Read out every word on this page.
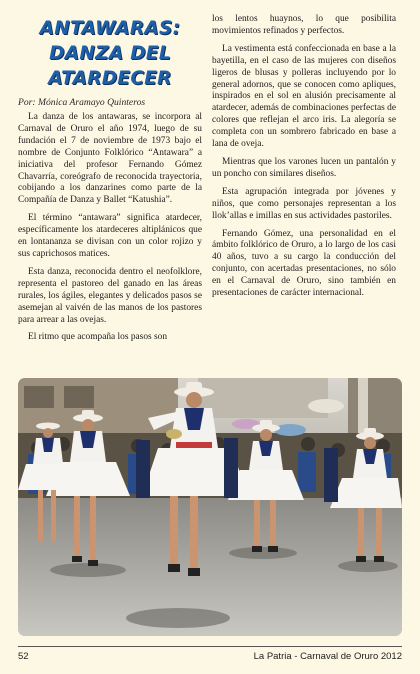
ANTAWARAS:
DANZA DEL ATARDECER
Por: Mónica Aramayo Quinteros

La danza de los antawaras, se incorpora al Carnaval de Oruro el año 1974, luego de su fundación el 7 de noviembre de 1973 bajo el nombre de Conjunto Folklórico “Antawara” a iniciativa del profesor Fernando Gómez Chavarría, coreógrafo de reconocida trayectoria, cobijando a los danzarines como parte de la Compañía de Danza y Ballet “Katushia”.

El término “antawara” significa atardecer, específicamente los atardeceres altiplánicos que en lontananza se divisan con un color rojizo y sus caprichosos matices.

Esta danza, reconocida dentro el neofolklore, representa el pastoreo del ganado en las áreas rurales, los ágiles, elegantes y delicados pasos se asemejan al vaivén de las manos de los pastores para arrear a las ovejas.

El ritmo que acompaña los pasos son

los lentos huaynos, lo que posibilita movimientos refinados y perfectos.

La vestimenta está confeccionada en base a la bayetilla, en el caso de las mujeres con diseños ligeros de blusas y polleras incluyendo por lo general adornos, que se conocen como apliques, inspirados en el sol en alusión precisamente al atardecer, además de combinaciones perfectas de colores que reflejan el arco iris. La alegoría se completa con un sombrero fabricado en base a lana de oveja.

Mientras que los varones lucen un pantalón y un poncho con similares diseños.

Esta agrupación integrada por jóvenes y niños, que como personajes representan a los llok’allas e imillas en sus actividades pastoriles.

Fernando Gómez, una personalidad en el ámbito folklórico de Oruro, a lo largo de los casi 40 años, tuvo a su cargo la conducción del conjunto, con acertadas presentaciones, no sólo en el Carnaval de Oruro, sino también en presentaciones de carácter internacional.

52	La Patria - Carnaval de Oruro 2012
